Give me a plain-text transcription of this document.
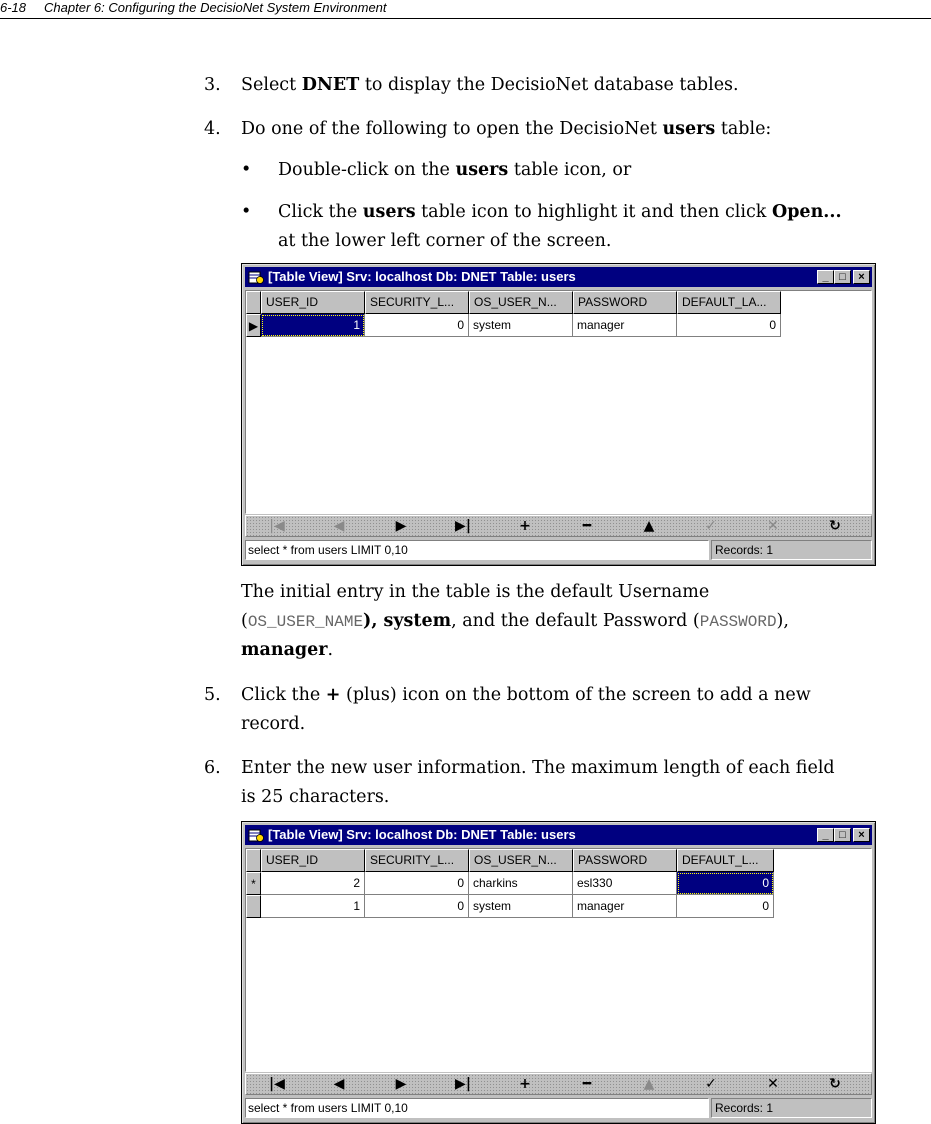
6-18 Chapter 6: Configuring the DecisioNet System Environment
3. Select DNET to display the DecisioNet database tables.
4. Do one of the following to open the DecisioNet users table:
• Double-click on the users table icon, or
• Click the users table icon to highlight it and then click Open...
at the lower left corner of the screen.
[Table View] Srv: localhost Db: DNET Table: users	_ □	×
USER_ID	SECURITY_L...	OS_USER_N...	PASSWORD	DEFAULT_LA...
▶	1	0 system	manager	0
|◀	◀	▶	▶|	+	━	▲	✓	✕	↻
select * from users LIMIT 0,10	Records: 1
The initial entry in the table is the default Username
(OS_USER_NAME), system, and the default Password (PASSWORD),
manager.
5. Click the + (plus) icon on the bottom of the screen to add a new
record.
6. Enter the new user information. The maximum length of each field
is 25 characters.
[Table View] Srv: localhost Db: DNET Table: users	_ □	×
USER_ID	SECURITY_L...	OS_USER_N...	PASSWORD	DEFAULT_L...
*	2	0 charkins	esl330	0
1	0 system	manager	0
|◀	◀	▶	▶|	+	━	▲	✓	✕	↻
select * from users LIMIT 0,10	Records: 1
